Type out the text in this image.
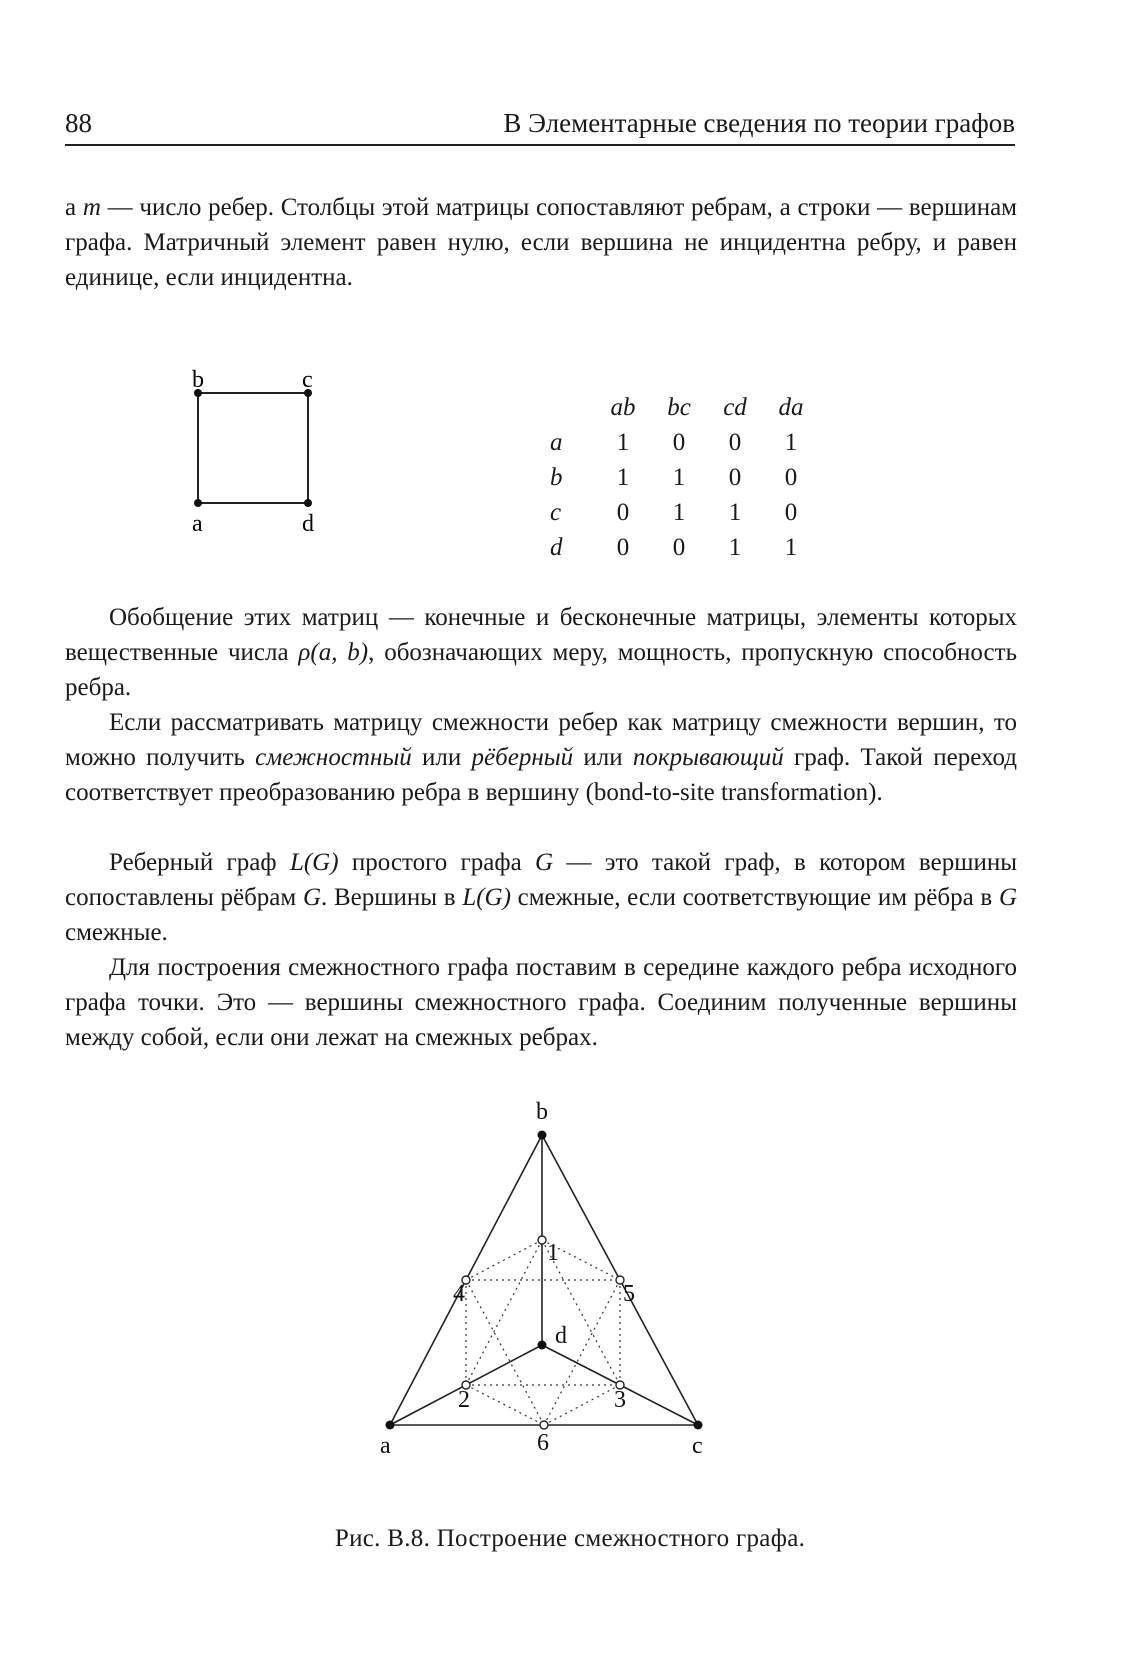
88	В Элементарные сведения по теории графов

а m — число ребер. Столбцы этой матрицы сопоставляют ребрам, а строки — вершинам графа. Матричный элемент равен нулю, если вершина не инцидентна ребру, и равен единице, если инцидентна.

b	c
a	d
	ab	bc	cd	da
a	1	0	0	1
b	1	1	0	0
c	0	1	1	0
d	0	0	1	1

Обобщение этих матриц — конечные и бесконечные матрицы, элементы которых вещественные числа ρ(a, b), обозначающих меру, мощность, пропускную способность ребра.

Если рассматривать матрицу смежности ребер как матрицу смежности вершин, то можно получить смежностный или рёберный или покрывающий граф. Такой переход соответствует преобразованию ребра в вершину (bond-to-site transformation).

Реберный граф L(G) простого графа G — это такой граф, в котором вершины сопоставлены рёбрам G. Вершины в L(G) смежные, если соответствующие им рёбра в G смежные.

Для построения смежностного графа поставим в середине каждого ребра исходного графа точки. Это — вершины смежностного графа. Соединим полученные вершины между собой, если они лежат на смежных ребрах.

b
a	c
d
1
2	3
4	5
6
Рис. В.8. Построение смежностного графа.
